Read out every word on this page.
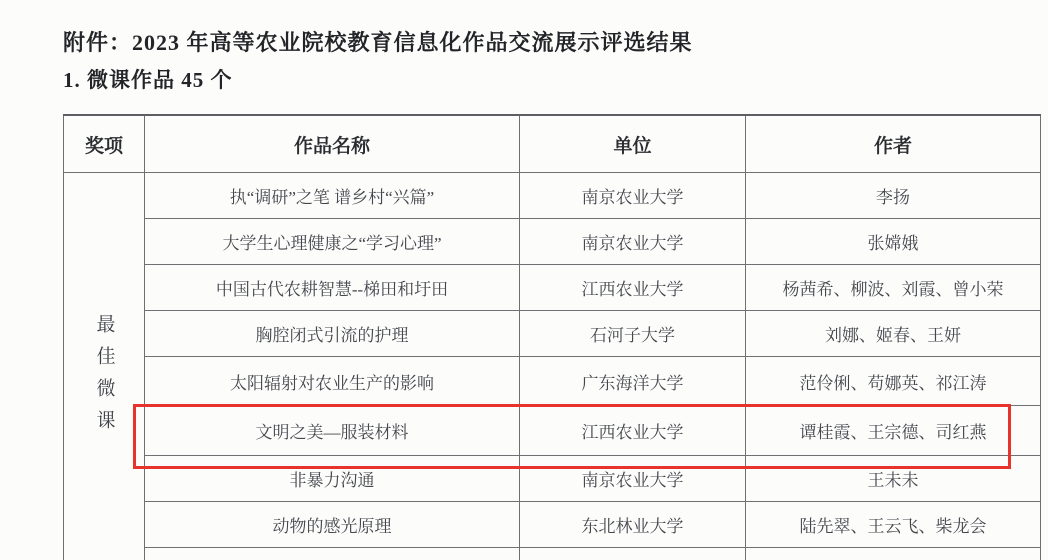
附件：2023 年高等农业院校教育信息化作品交流展示评选结果
1. 微课作品 45 个
奖项	作品名称	单位	作者
最佳微课	执“调研”之笔 谱乡村“兴篇”	南京农业大学	李扬
	大学生心理健康之“学习心理”	南京农业大学	张嫦娥
	中国古代农耕智慧--梯田和圩田	江西农业大学	杨茜希、柳波、刘霞、曾小荣
	胸腔闭式引流的护理	石河子大学	刘娜、姬春、王妍
	太阳辐射对农业生产的影响	广东海洋大学	范伶俐、苟娜英、祁江涛
	文明之美—服装材料	江西农业大学	谭桂霞、王宗德、司红燕
	非暴力沟通	南京农业大学	王未未
	动物的感光原理	东北林业大学	陆先翠、王云飞、柴龙会
